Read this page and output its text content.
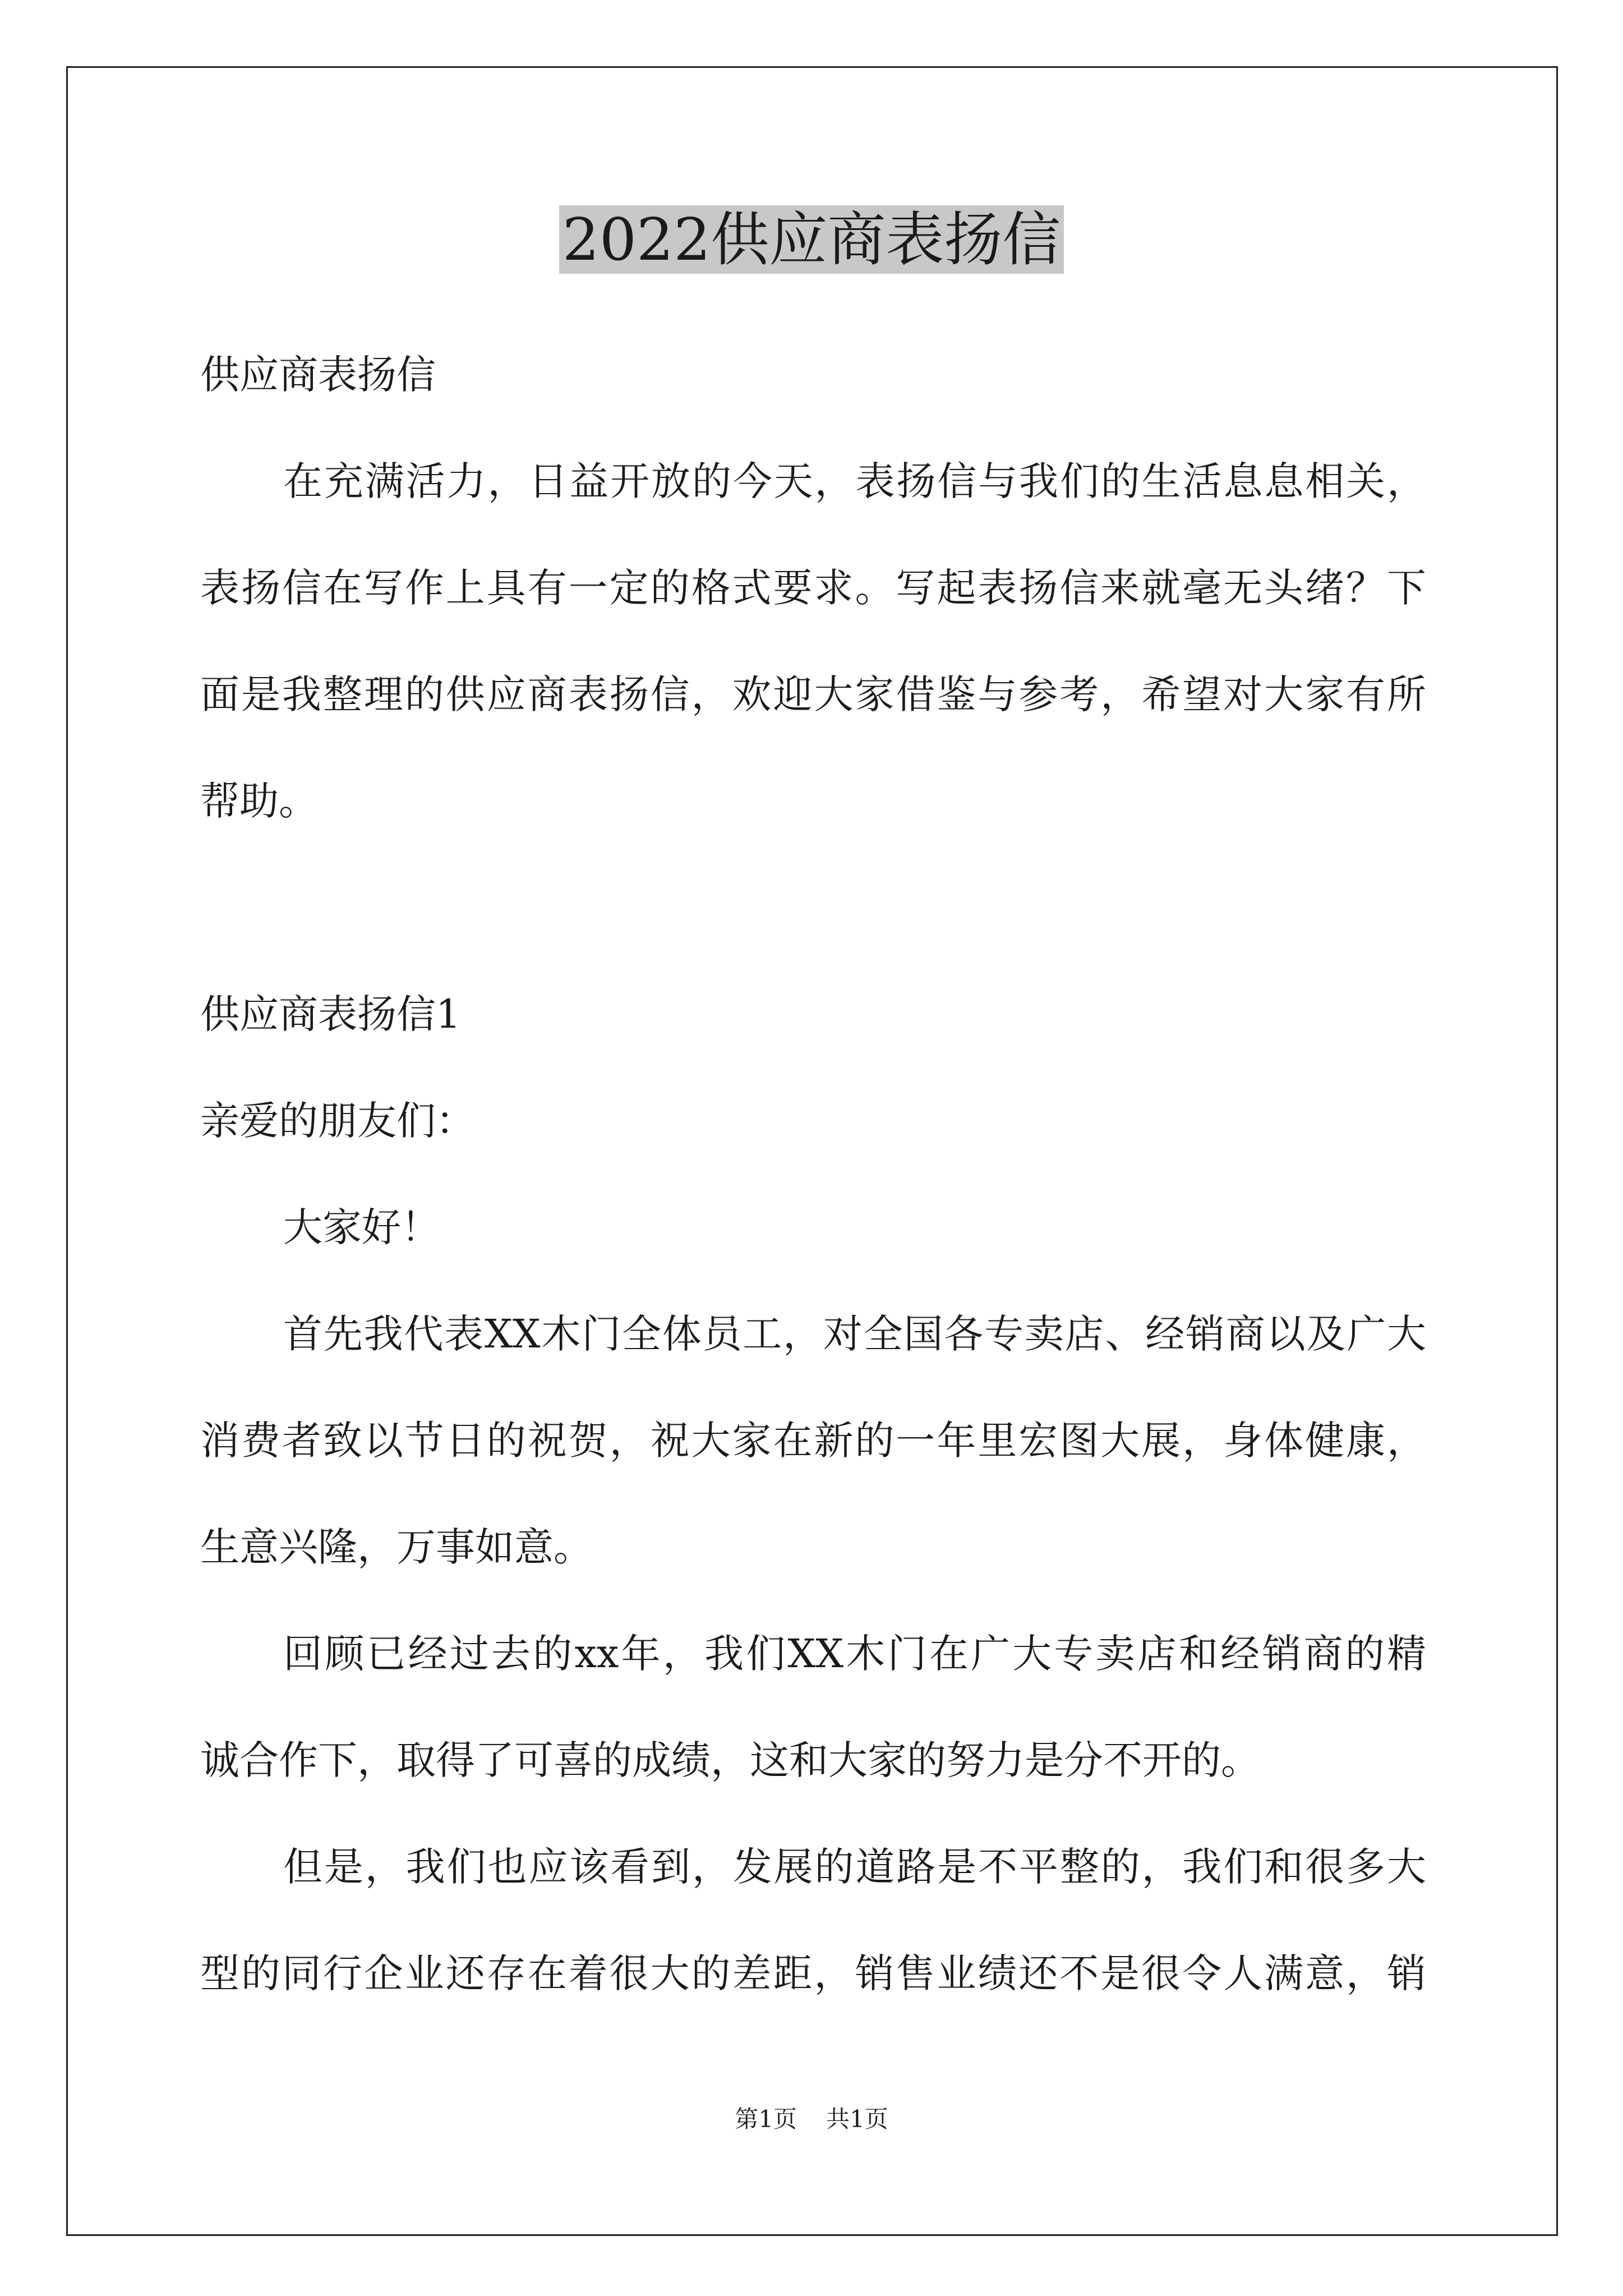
2022供应商表扬信
供应商表扬信
在充满活力，日益开放的今天，表扬信与我们的生活息息相关，
表扬信在写作上具有一定的格式要求。写起表扬信来就毫无头绪？下
面是我整理的供应商表扬信，欢迎大家借鉴与参考，希望对大家有所
帮助。
供应商表扬信1
亲爱的朋友们：
大家好！
首先我代表XX木门全体员工，对全国各专卖店、经销商以及广大
消费者致以节日的祝贺，祝大家在新的一年里宏图大展，身体健康，
生意兴隆，万事如意。
回顾已经过去的xx年，我们XX木门在广大专卖店和经销商的精
诚合作下，取得了可喜的成绩，这和大家的努力是分不开的。
但是，我们也应该看到，发展的道路是不平整的，我们和很多大
型的同行企业还存在着很大的差距，销售业绩还不是很令人满意，销
第1页 共1页
